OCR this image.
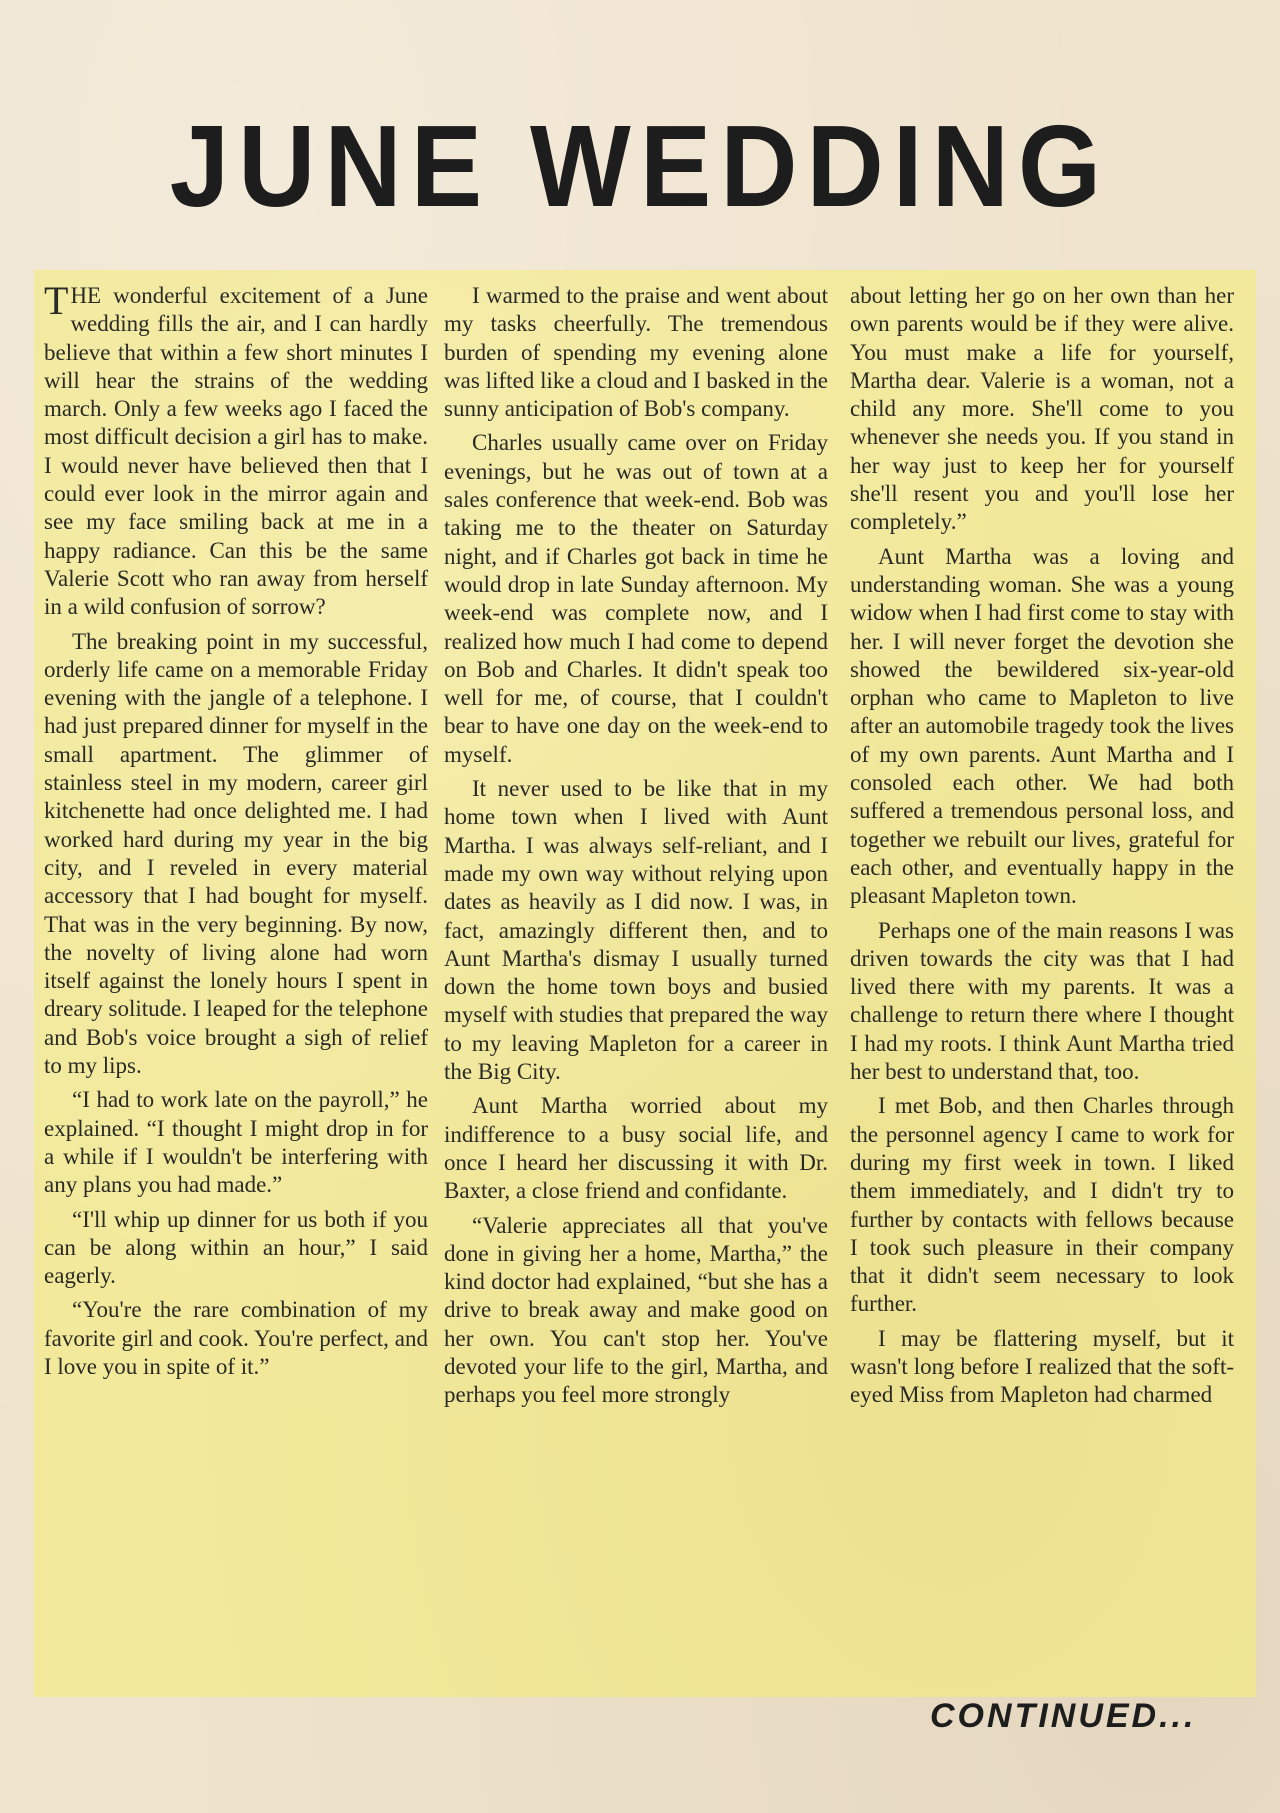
JUNE WEDDING

THE wonderful excitement of a June wedding fills the air, and I can hardly believe that within a few short minutes I will hear the strains of the wedding march. Only a few weeks ago I faced the most difficult decision a girl has to make. I would never have believed then that I could ever look in the mirror again and see my face smiling back at me in a happy radiance. Can this be the same Valerie Scott who ran away from herself in a wild confusion of sorrow?

The breaking point in my successful, orderly life came on a memorable Friday evening with the jangle of a telephone. I had just prepared dinner for myself in the small apartment. The glimmer of stainless steel in my modern, career girl kitchenette had once delighted me. I had worked hard during my year in the big city, and I reveled in every material accessory that I had bought for myself. That was in the very beginning. By now, the novelty of living alone had worn itself against the lonely hours I spent in dreary solitude. I leaped for the telephone and Bob's voice brought a sigh of relief to my lips.

“I had to work late on the payroll,” he explained. “I thought I might drop in for a while if I wouldn't be interfering with any plans you had made.”

“I'll whip up dinner for us both if you can be along within an hour,” I said eagerly.

“You're the rare combination of my favorite girl and cook. You're perfect, and I love you in spite of it.”

I warmed to the praise and went about my tasks cheerfully. The tremendous burden of spending my evening alone was lifted like a cloud and I basked in the sunny anticipation of Bob's company.

Charles usually came over on Friday evenings, but he was out of town at a sales conference that week-end. Bob was taking me to the theater on Saturday night, and if Charles got back in time he would drop in late Sunday afternoon. My week-end was complete now, and I realized how much I had come to depend on Bob and Charles. It didn't speak too well for me, of course, that I couldn't bear to have one day on the week-end to myself.

It never used to be like that in my home town when I lived with Aunt Martha. I was always self-reliant, and I made my own way without relying upon dates as heavily as I did now. I was, in fact, amazingly different then, and to Aunt Martha's dismay I usually turned down the home town boys and busied myself with studies that prepared the way to my leaving Mapleton for a career in the Big City.

Aunt Martha worried about my indifference to a busy social life, and once I heard her discussing it with Dr. Baxter, a close friend and confidante.

“Valerie appreciates all that you've done in giving her a home, Martha,” the kind doctor had explained, “but she has a drive to break away and make good on her own. You can't stop her. You've devoted your life to the girl, Martha, and perhaps you feel more strongly

about letting her go on her own than her own parents would be if they were alive. You must make a life for yourself, Martha dear. Valerie is a woman, not a child any more. She'll come to you whenever she needs you. If you stand in her way just to keep her for yourself she'll resent you and you'll lose her completely.”

Aunt Martha was a loving and understanding woman. She was a young widow when I had first come to stay with her. I will never forget the devotion she showed the bewildered six-year-old orphan who came to Mapleton to live after an automobile tragedy took the lives of my own parents. Aunt Martha and I consoled each other. We had both suffered a tremendous personal loss, and together we rebuilt our lives, grateful for each other, and eventually happy in the pleasant Mapleton town.

Perhaps one of the main reasons I was driven towards the city was that I had lived there with my parents. It was a challenge to return there where I thought I had my roots. I think Aunt Martha tried her best to understand that, too.

I met Bob, and then Charles through the personnel agency I came to work for during my first week in town. I liked them immediately, and I didn't try to further by contacts with fellows because I took such pleasure in their company that it didn't seem necessary to look further.

I may be flattering myself, but it wasn't long before I realized that the soft-eyed Miss from Mapleton had charmed

CONTINUED...
